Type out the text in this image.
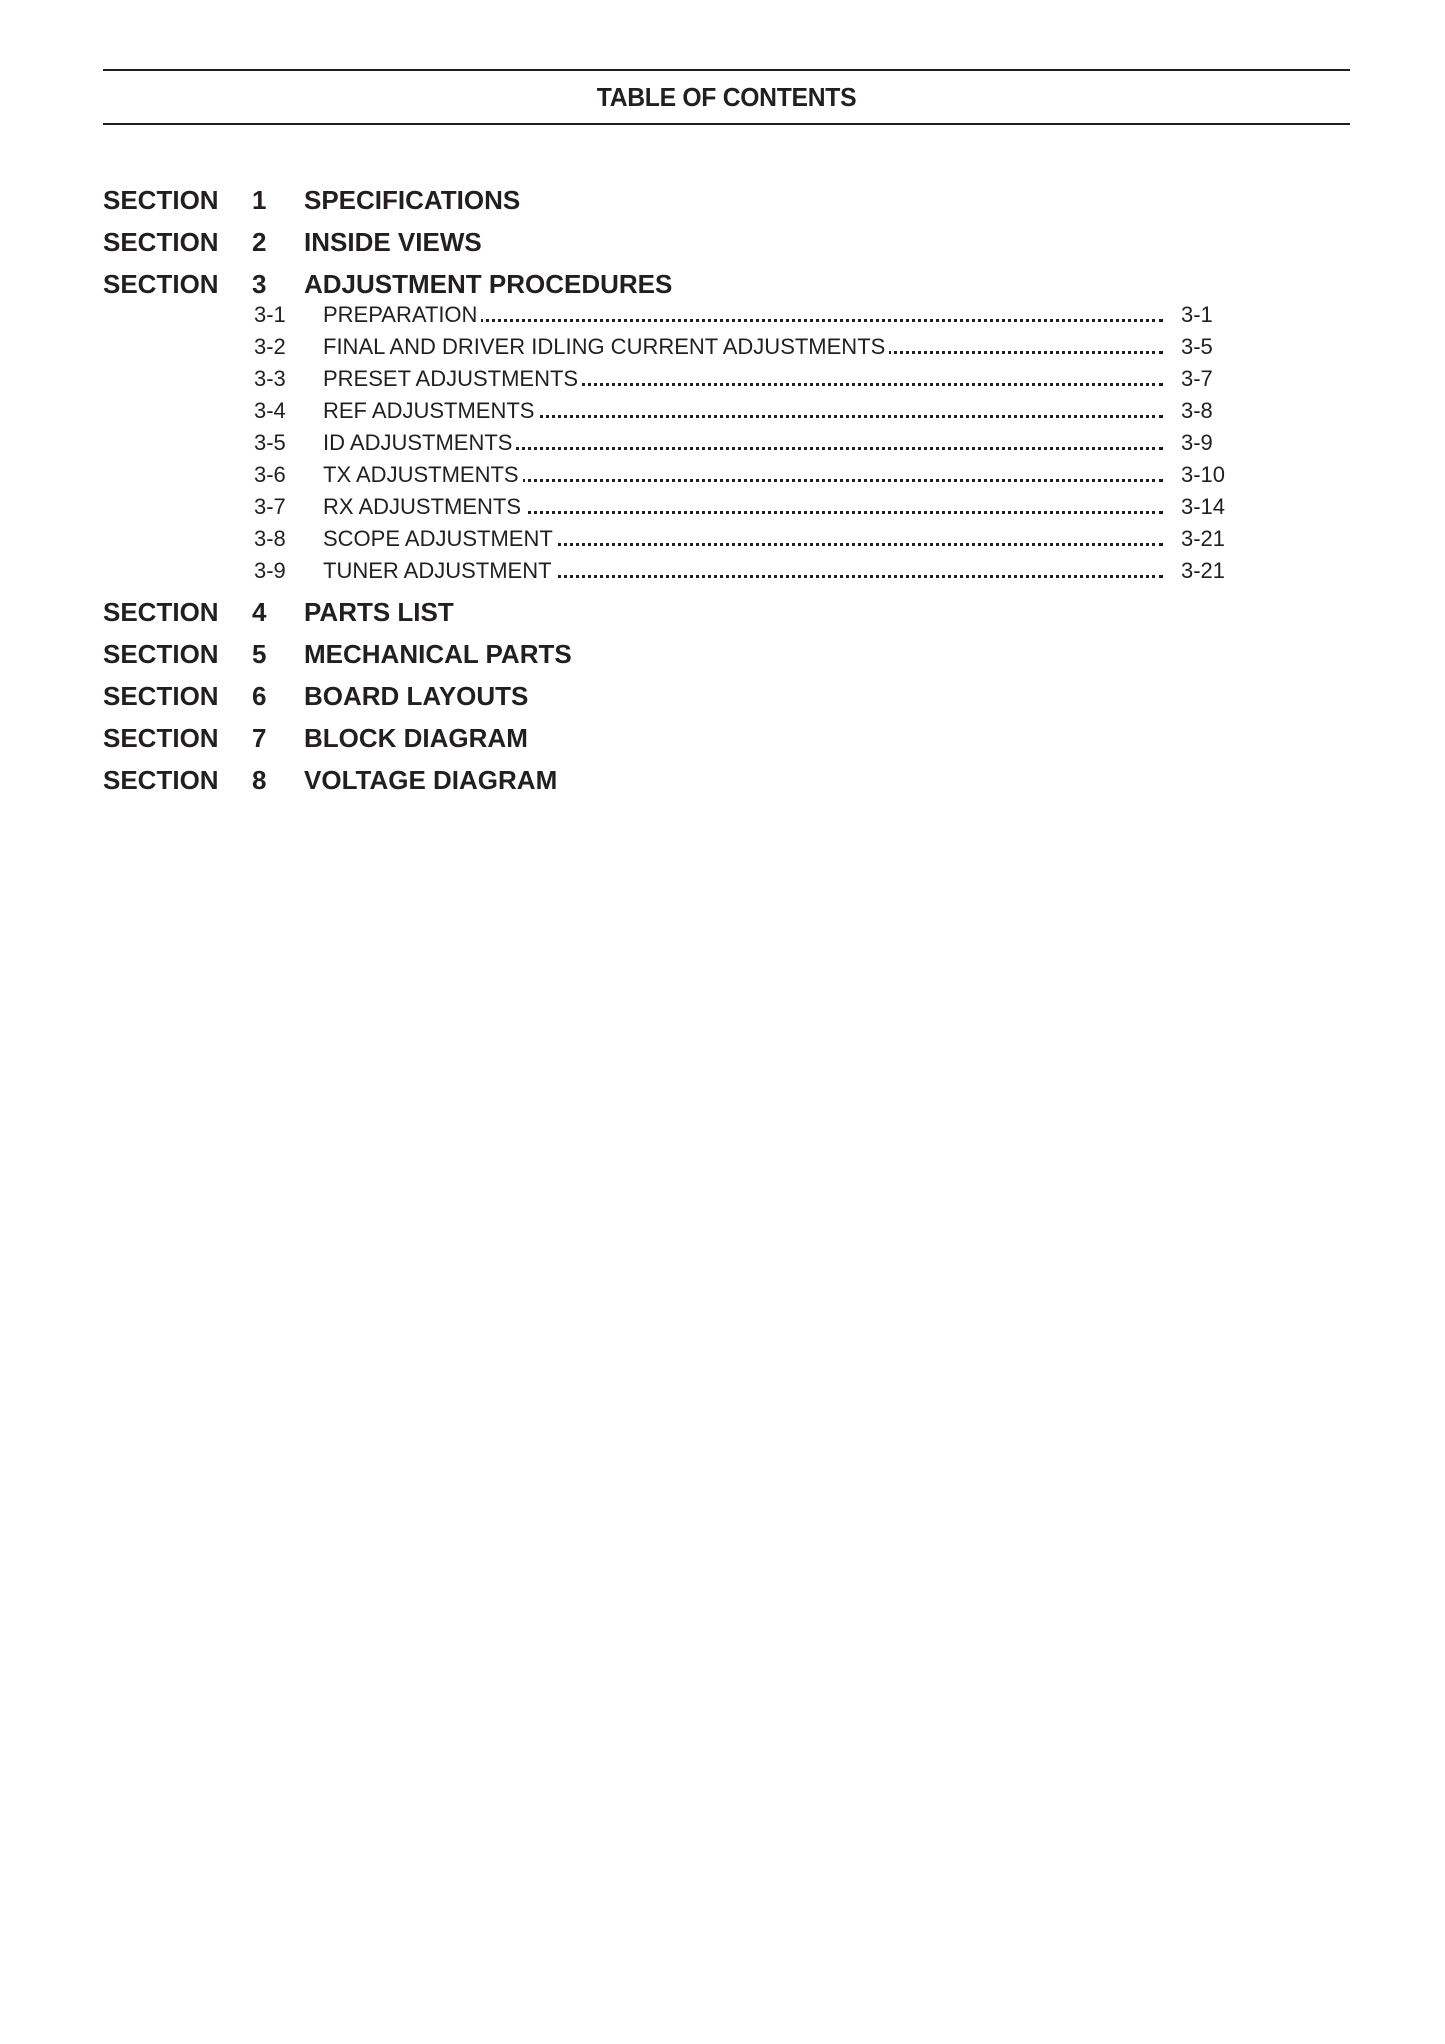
TABLE OF CONTENTS
SECTION 1 SPECIFICATIONS
SECTION 2 INSIDE VIEWS
SECTION 3 ADJUSTMENT PROCEDURES
3-1 PREPARATION	3-1
3-2 FINAL AND DRIVER IDLING CURRENT ADJUSTMENTS	3-5
3-3 PRESET ADJUSTMENTS	3-7
3-4 REF ADJUSTMENTS	3-8
3-5 ID ADJUSTMENTS	3-9
3-6 TX ADJUSTMENTS	3-10
3-7 RX ADJUSTMENTS	3-14
3-8 SCOPE ADJUSTMENT	3-21
3-9 TUNER ADJUSTMENT	3-21
SECTION 4 PARTS LIST
SECTION 5 MECHANICAL PARTS
SECTION 6 BOARD LAYOUTS
SECTION 7 BLOCK DIAGRAM
SECTION 8 VOLTAGE DIAGRAM
